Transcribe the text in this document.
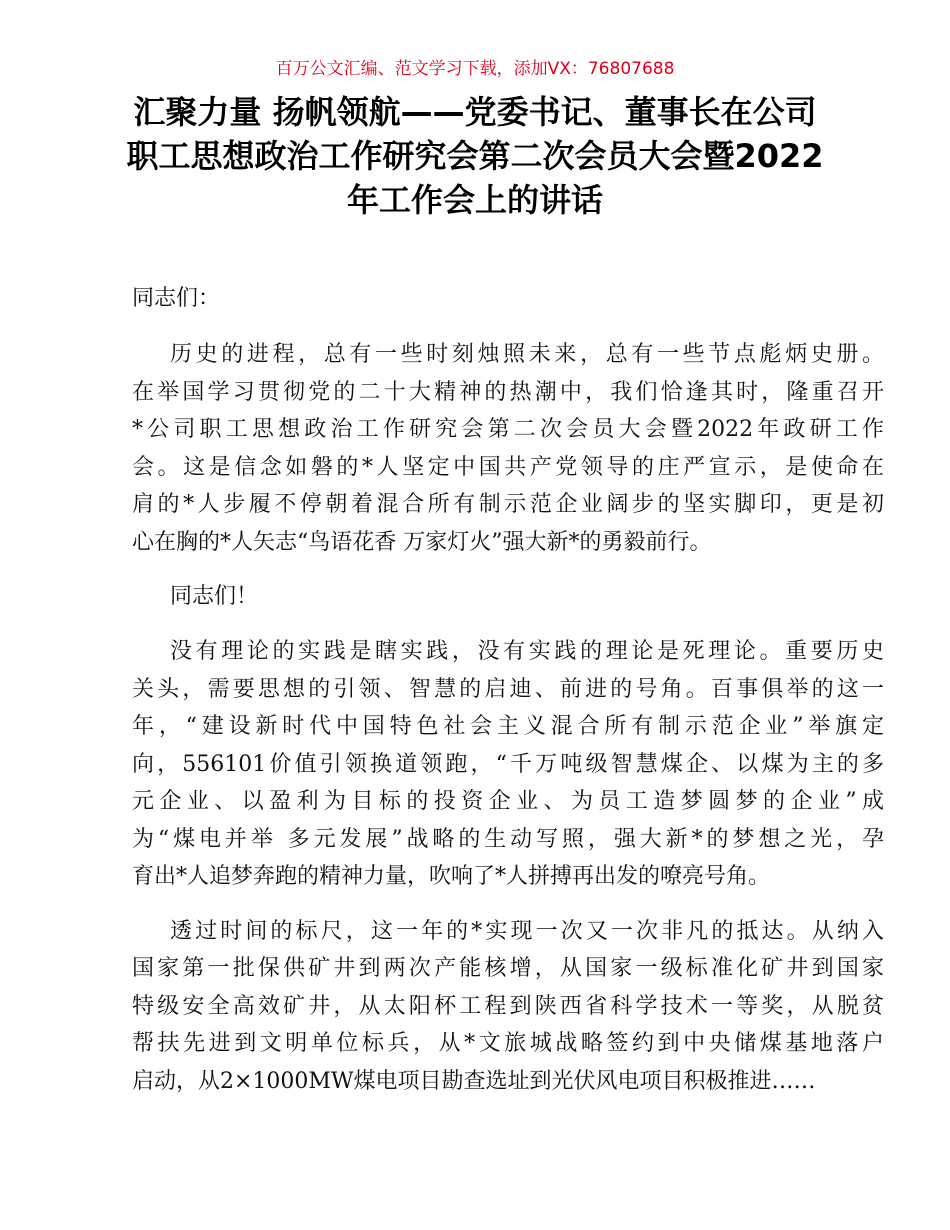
百万公文汇编、范文学习下载，添加VX：76807688
汇聚力量 扬帆领航——党委书记、董事长在公司
职工思想政治工作研究会第二次会员大会暨2022
年工作会上的讲话
同志们：
历史的进程，总有一些时刻烛照未来，总有一些节点彪炳史册。
在举国学习贯彻党的二十大精神的热潮中，我们恰逢其时，隆重召开
*公司职工思想政治工作研究会第二次会员大会暨2022年政研工作
会。这是信念如磐的*人坚定中国共产党领导的庄严宣示，是使命在
肩的*人步履不停朝着混合所有制示范企业阔步的坚实脚印，更是初
心在胸的*人矢志“鸟语花香 万家灯火”强大新*的勇毅前行。
同志们！
没有理论的实践是瞎实践，没有实践的理论是死理论。重要历史
关头，需要思想的引领、智慧的启迪、前进的号角。百事俱举的这一
年，“建设新时代中国特色社会主义混合所有制示范企业”举旗定
向，556101价值引领换道领跑，“千万吨级智慧煤企、以煤为主的多
元企业、以盈利为目标的投资企业、为员工造梦圆梦的企业”成
为“煤电并举 多元发展”战略的生动写照，强大新*的梦想之光，孕
育出*人追梦奔跑的精神力量，吹响了*人拼搏再出发的嘹亮号角。
透过时间的标尺，这一年的*实现一次又一次非凡的抵达。从纳入
国家第一批保供矿井到两次产能核增，从国家一级标准化矿井到国家
特级安全高效矿井，从太阳杯工程到陕西省科学技术一等奖，从脱贫
帮扶先进到文明单位标兵，从*文旅城战略签约到中央储煤基地落户
启动，从2×1000MW煤电项目勘查选址到光伏风电项目积极推进……
